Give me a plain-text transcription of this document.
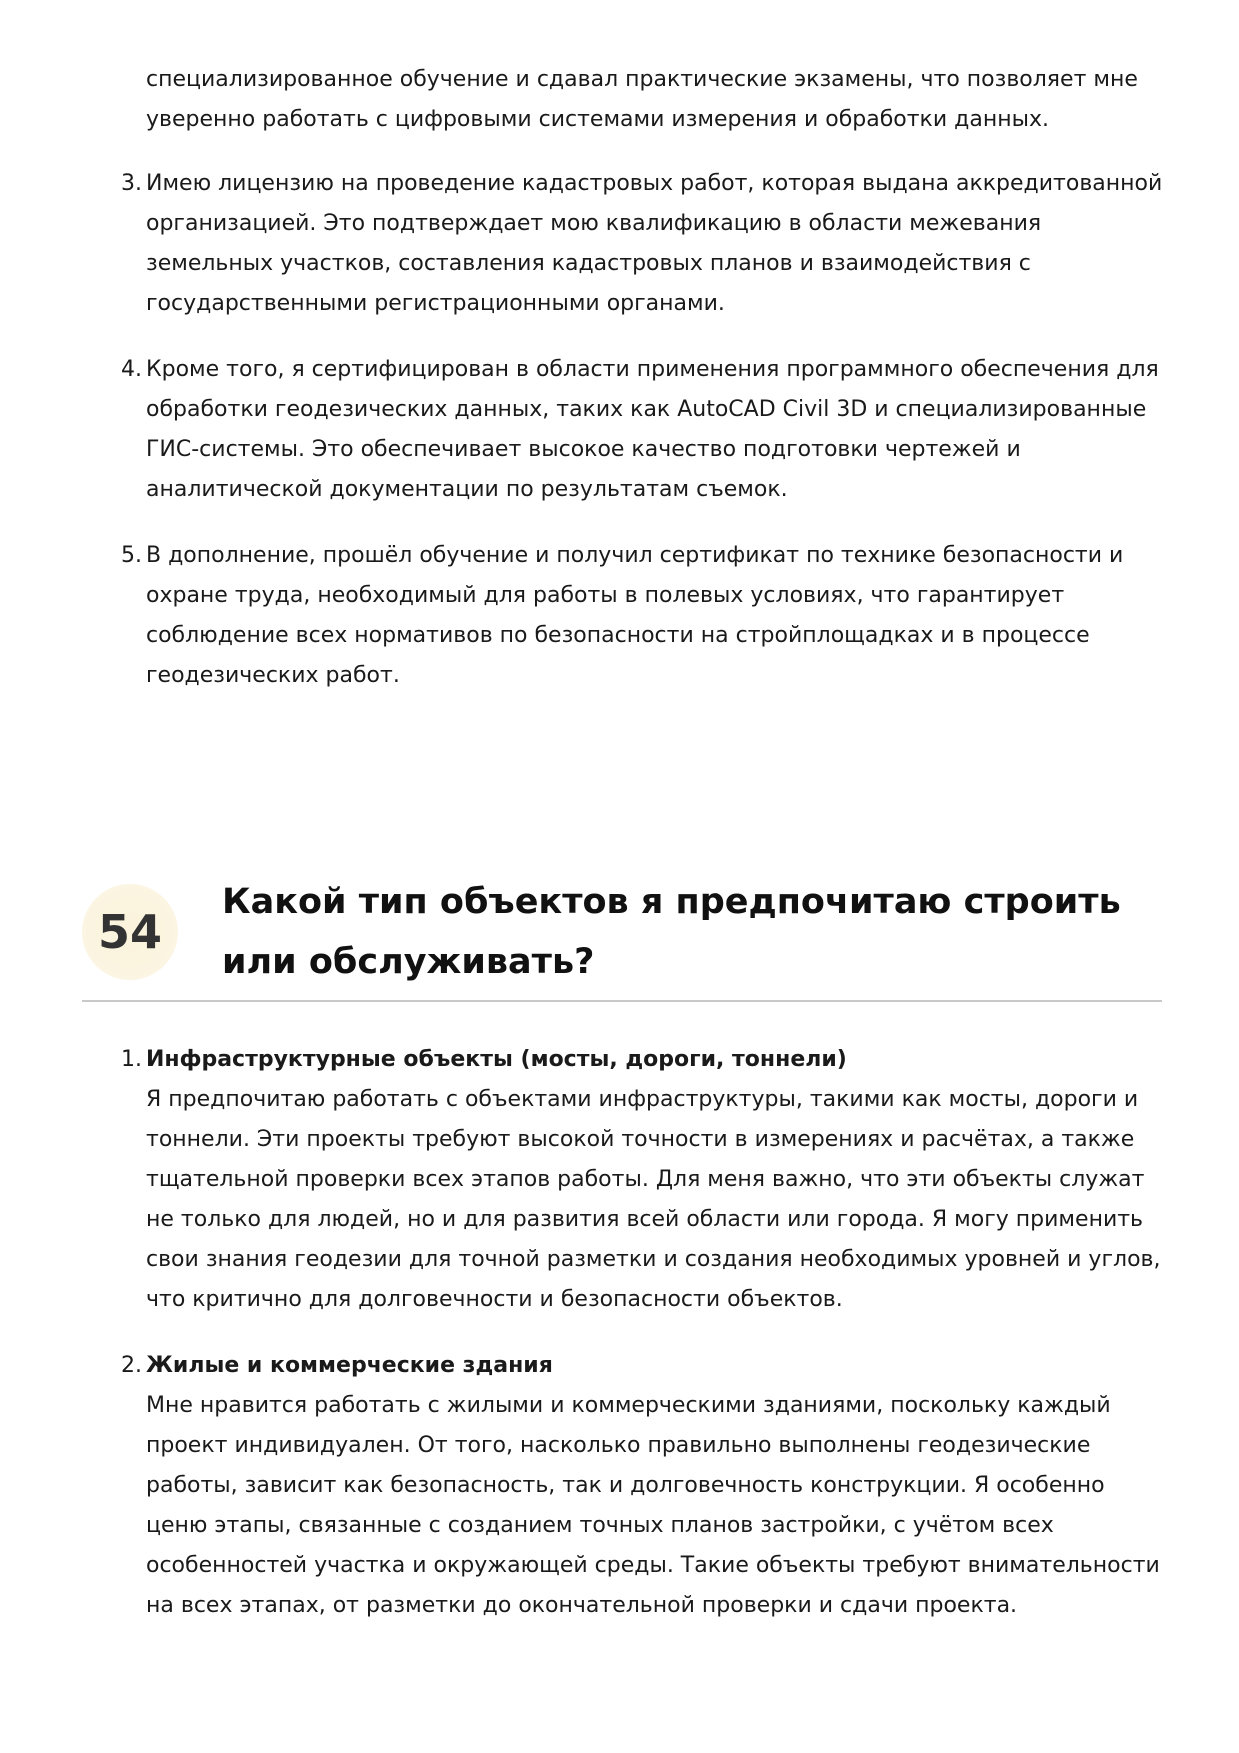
специализированное обучение и сдавал практические экзамены, что позволяет мне уверенно работать с цифровыми системами измерения и обработки данных.

3. Имею лицензию на проведение кадастровых работ, которая выдана аккредитованной организацией. Это подтверждает мою квалификацию в области межевания земельных участков, составления кадастровых планов и взаимодействия с государственными регистрационными органами.
4. Кроме того, я сертифицирован в области применения программного обеспечения для обработки геодезических данных, таких как AutoCAD Civil 3D и специализированные ГИС-системы. Это обеспечивает высокое качество подготовки чертежей и аналитической документации по результатам съемок.
5. В дополнение, прошёл обучение и получил сертификат по технике безопасности и охране труда, необходимый для работы в полевых условиях, что гарантирует соблюдение всех нормативов по безопасности на стройплощадках и в процессе геодезических работ.
54
Какой тип объектов я предпочитаю строить или обслуживать?
1. Инфраструктурные объекты (мосты, дороги, тоннели)
Я предпочитаю работать с объектами инфраструктуры, такими как мосты, дороги и тоннели. Эти проекты требуют высокой точности в измерениях и расчётах, а также тщательной проверки всех этапов работы. Для меня важно, что эти объекты служат не только для людей, но и для развития всей области или города. Я могу применить свои знания геодезии для точной разметки и создания необходимых уровней и углов, что критично для долговечности и безопасности объектов.
2. Жилые и коммерческие здания
Мне нравится работать с жилыми и коммерческими зданиями, поскольку каждый проект индивидуален. От того, насколько правильно выполнены геодезические работы, зависит как безопасность, так и долговечность конструкции. Я особенно ценю этапы, связанные с созданием точных планов застройки, с учётом всех особенностей участка и окружающей среды. Такие объекты требуют внимательности на всех этапах, от разметки до окончательной проверки и сдачи проекта.
